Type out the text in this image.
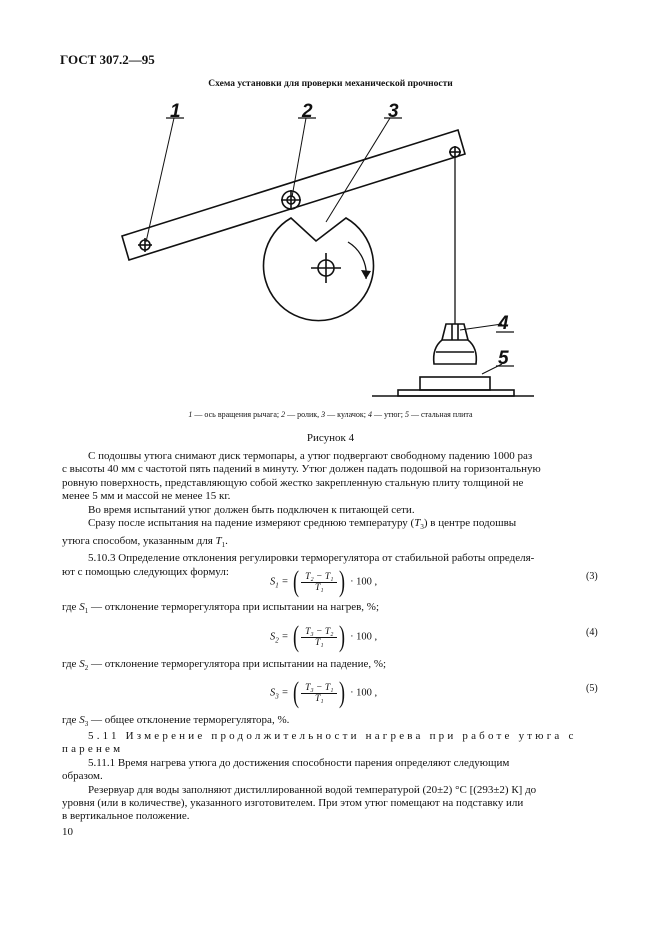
ГОСТ 307.2—95
Схема установки для проверки механической прочности
1	2	3
4
5
1 — ось вращения рычага; 2 — ролик, 3 — кулачок; 4 — утюг; 5 — стальная плита
Рисунок 4
С подошвы утюга снимают диск термопары, а утюг подвергают свободному падению 1000 раз
с высоты 40 мм с частотой пять падений в минуту. Утюг должен падать подошвой на горизонтальную
ровную поверхность, представляющую собой жестко закрепленную стальную плиту толщиной не
менее 5 мм и массой не менее 15 кг.
Во время испытаний утюг должен быть подключен к питающей сети.
Сразу после испытания на падение измеряют среднюю температуру $(T_3)$ в центре подошвы
утюга способом, указанным для $T_1$.
5.10.3 Определение отклонения регулировки терморегулятора от стабильной работы определя-
ют с помощью следующих формул:
$S_1$ = ( $\frac{\text{T₂ − T₁}}{\text{T₁}}$ ) · 100 ,	(3)
где $S_1$ — отклонение терморегулятора при испытании на нагрев, %;
$S_2$ = ( $\frac{\text{T₃ − T₂}}{\text{T₁}}$ ) · 100 ,	(4)
где $S_2$ — отклонение терморегулятора при испытании на падение, %;
$S_3$ = ( $\frac{\text{T₃ − T₁}}{\text{T₁}}$ ) · 100 ,	(5)
где $S_3$ — общее отклонение терморегулятора, %.
5.11 Измерение продолжительности нагрева при работе утюга с
паренем
5.11.1 Время нагрева утюга до достижения способности парения определяют следующим
образом.
Резервуар для воды заполняют дистиллированной водой температурой (20±2) °С [(293±2) К] до
уровня (или в количестве), указанного изготовителем. При этом утюг помещают на подставку или
в вертикальное положение.
10
